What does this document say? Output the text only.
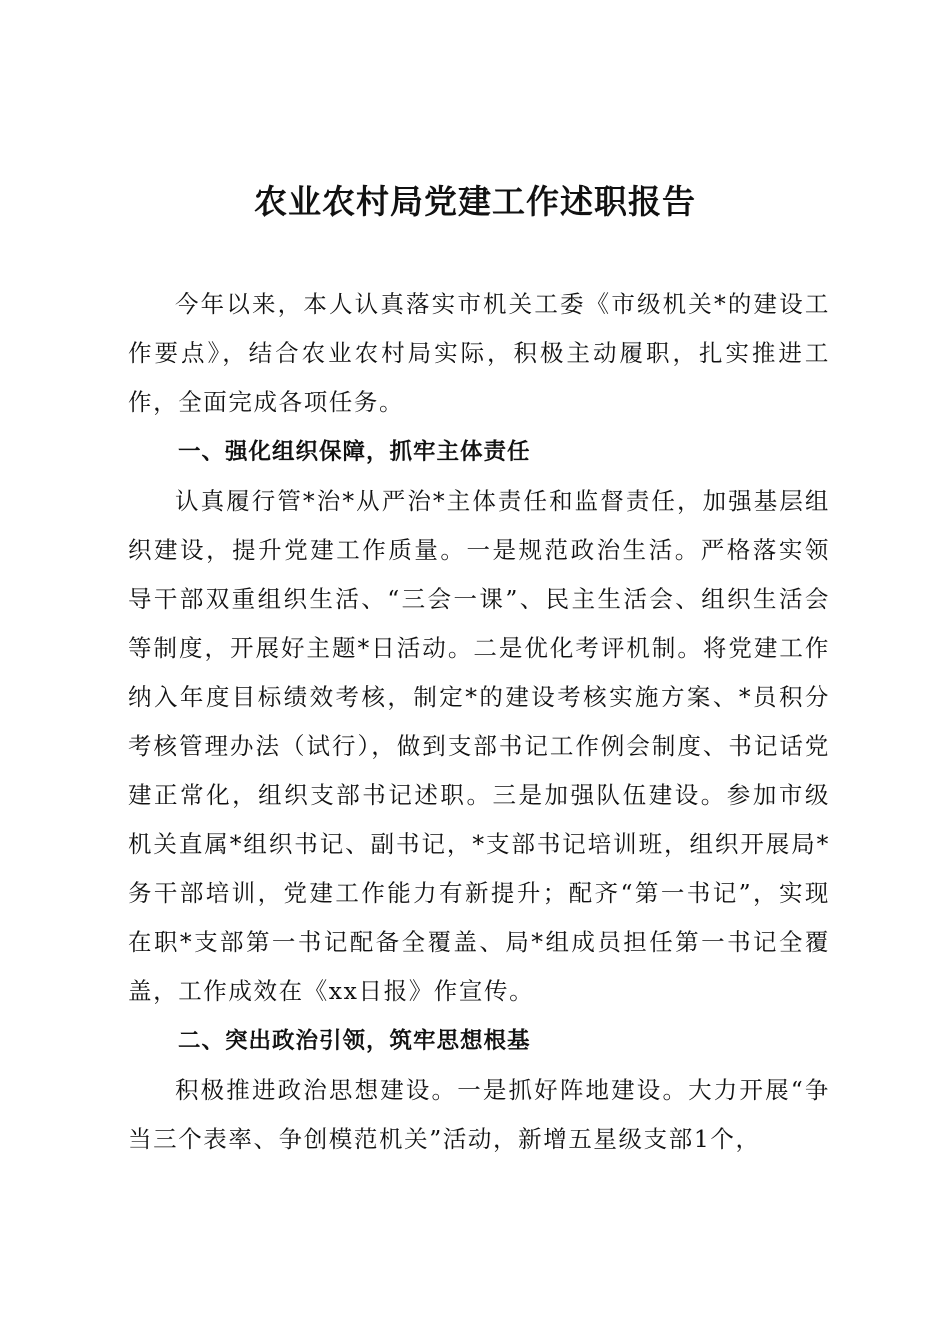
农业农村局党建工作述职报告

今年以来，本人认真落实市机关工委《市级机关*的建设工作要点》，结合农业农村局实际，积极主动履职，扎实推进工作，全面完成各项任务。

一、强化组织保障，抓牢主体责任

认真履行管*治*从严治*主体责任和监督责任，加强基层组织建设，提升党建工作质量。一是规范政治生活。严格落实领导干部双重组织生活、“三会一课”、民主生活会、组织生活会等制度，开展好主题*日活动。二是优化考评机制。将党建工作纳入年度目标绩效考核，制定*的建设考核实施方案、*员积分考核管理办法（试行），做到支部书记工作例会制度、书记话党建正常化，组织支部书记述职。三是加强队伍建设。参加市级机关直属*组织书记、副书记，*支部书记培训班，组织开展局*务干部培训，党建工作能力有新提升；配齐“第一书记”，实现在职*支部第一书记配备全覆盖、局*组成员担任第一书记全覆盖，工作成效在《xx日报》作宣传。

二、突出政治引领，筑牢思想根基

积极推进政治思想建设。一是抓好阵地建设。大力开展“争当三个表率、争创模范机关”活动，新增五星级支部1个，
